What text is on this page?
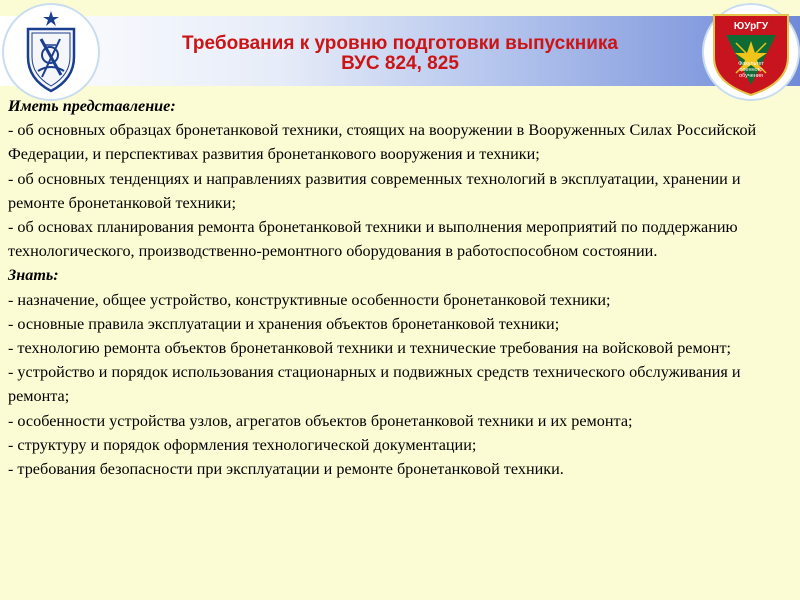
Требования к уровню подготовки выпускника
ВУС 824, 825
ЮУрГУ
Факультет
военного
обучения

Иметь представление:

- об основных образцах бронетанковой техники, стоящих на вооружении в Вооруженных Силах Российской Федерации, и перспективах развития бронетанкового вооружения и техники;

- об основных тенденциях и направлениях развития современных технологий в эксплуатации, хранении и ремонте бронетанковой техники;

- об основах планирования ремонта бронетанковой техники и выполнения мероприятий по поддержанию технологического, производственно-ремонтного оборудования в работоспособном состоянии.

Знать:

- назначение, общее устройство, конструктивные особенности бронетанковой техники;

- основные правила эксплуатации и хранения объектов бронетанковой техники;

- технологию ремонта объектов бронетанковой техники и технические требования на войсковой ремонт;

- устройство и порядок использования стационарных и подвижных средств технического обслуживания и ремонта;

- особенности устройства узлов, агрегатов объектов бронетанковой техники и их ремонта;

- структуру и порядок оформления технологической документации;

- требования безопасности при эксплуатации и ремонте бронетанковой техники.
